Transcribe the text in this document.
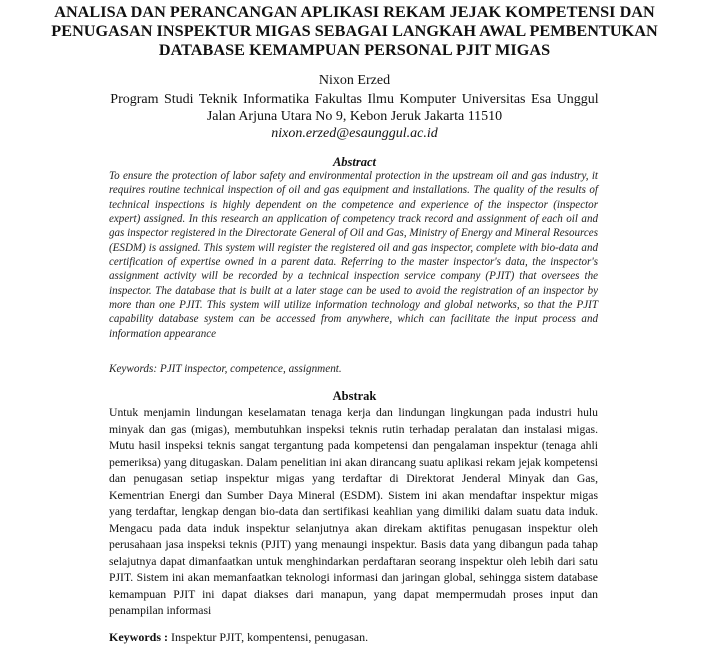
ANALISA DAN PERANCANGAN APLIKASI REKAM JEJAK KOMPETENSI DAN PENUGASAN INSPEKTUR MIGAS SEBAGAI LANGKAH AWAL PEMBENTUKAN DATABASE KEMAMPUAN PERSONAL PJIT MIGAS
Nixon Erzed
Program Studi Teknik Informatika Fakultas Ilmu Komputer Universitas Esa Unggul
Jalan Arjuna Utara No 9, Kebon Jeruk Jakarta 11510
nixon.erzed@esaunggul.ac.id
Abstract
To ensure the protection of labor safety and environmental protection in the upstream oil and gas industry, it requires routine technical inspection of oil and gas equipment and installations. The quality of the results of technical inspections is highly dependent on the competence and experience of the inspector (inspector expert) assigned. In this research an application of competency track record and assignment of each oil and gas inspector registered in the Directorate General of Oil and Gas, Ministry of Energy and Mineral Resources (ESDM) is assigned. This system will register the registered oil and gas inspector, complete with bio-data and certification of expertise owned in a parent data. Referring to the master inspector's data, the inspector's assignment activity will be recorded by a technical inspection service company (PJIT) that oversees the inspector. The database that is built at a later stage can be used to avoid the registration of an inspector by more than one PJIT. This system will utilize information technology and global networks, so that the PJIT capability database system can be accessed from anywhere, which can facilitate the input process and information appearance
Keywords: PJIT inspector, competence, assignment.
Abstrak
Untuk menjamin lindungan keselamatan tenaga kerja dan lindungan lingkungan pada industri hulu minyak dan gas (migas), membutuhkan inspeksi teknis rutin terhadap peralatan dan instalasi migas. Mutu hasil inspeksi teknis sangat tergantung pada kompetensi dan pengalaman inspektur (tenaga ahli pemeriksa) yang ditugaskan. Dalam penelitian ini akan dirancang suatu aplikasi rekam jejak kompetensi dan penugasan setiap inspektur migas yang terdaftar di Direktorat Jenderal Minyak dan Gas, Kementrian Energi dan Sumber Daya Mineral (ESDM). Sistem ini akan mendaftar inspektur migas yang terdaftar, lengkap dengan bio-data dan sertifikasi keahlian yang dimiliki dalam suatu data induk. Mengacu pada data induk inspektur selanjutnya akan direkam aktifitas penugasan inspektur oleh perusahaan jasa inspeksi teknis (PJIT) yang menaungi inspektur. Basis data yang dibangun pada tahap selajutnya dapat dimanfaatkan untuk menghindarkan perdaftaran seorang inspektur oleh lebih dari satu PJIT. Sistem ini akan memanfaatkan teknologi informasi dan jaringan global, sehingga sistem database kemampuan PJIT ini dapat diakses dari manapun, yang dapat mempermudah proses input dan penampilan informasi
Keywords : Inspektur PJIT, kompentensi, penugasan.
